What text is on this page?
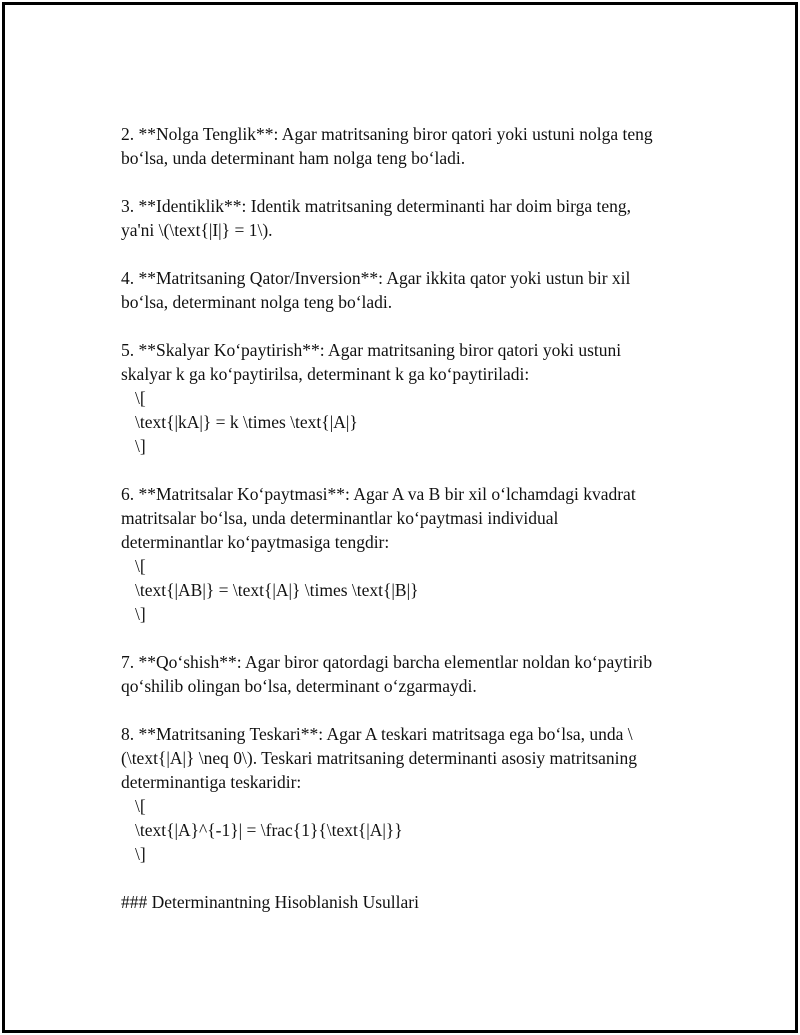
2. **Nolga Tenglik**: Agar matritsaning biror qatori yoki ustuni nolga teng
bo‘lsa, unda determinant ham nolga teng bo‘ladi.

3. **Identiklik**: Identik matritsaning determinanti har doim birga teng,
ya'ni \(\text{|I|} = 1\).

4. **Matritsaning Qator/Inversion**: Agar ikkita qator yoki ustun bir xil
bo‘lsa, determinant nolga teng bo‘ladi.

5. **Skalyar Ko‘paytirish**: Agar matritsaning biror qatori yoki ustuni
skalyar k ga ko‘paytirilsa, determinant k ga ko‘paytiriladi:

\[
\text{|kA|} = k \times \text{|A|}
\]

6. **Matritsalar Ko‘paytmasi**: Agar A va B bir xil o‘lchamdagi kvadrat
matritsalar bo‘lsa, unda determinantlar ko‘paytmasi individual
determinantlar ko‘paytmasiga tengdir:

\[
\text{|AB|} = \text{|A|} \times \text{|B|}
\]

7. **Qo‘shish**: Agar biror qatordagi barcha elementlar noldan ko‘paytirib
qo‘shilib olingan bo‘lsa, determinant o‘zgarmaydi.

8. **Matritsaning Teskari**: Agar A teskari matritsaga ega bo‘lsa, unda \
(\text{|A|} \neq 0\). Teskari matritsaning determinanti asosiy matritsaning
determinantiga teskaridir:

\[
\text{|A}^{-1}| = \frac{1}{\text{|A|}}
\]

### Determinantning Hisoblanish Usullari
